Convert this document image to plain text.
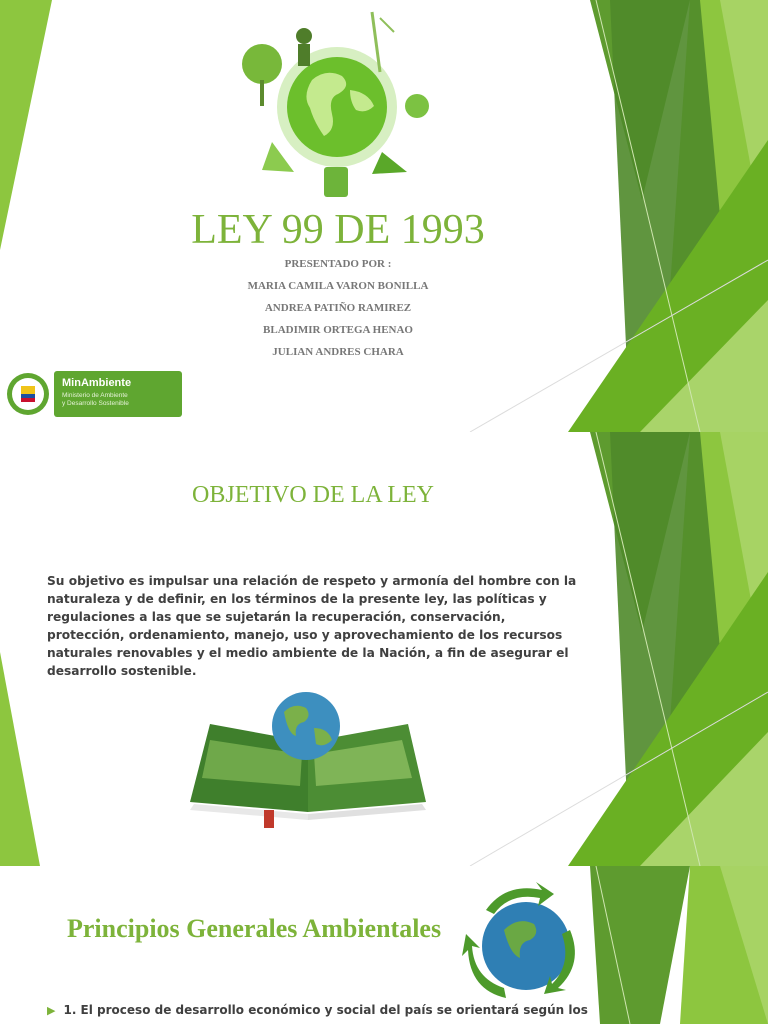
LEY 99 DE 1993
PRESENTADO POR :
MARIA CAMILA VARON BONILLA
ANDREA PATIÑO RAMIREZ
BLADIMIR ORTEGA HENAO
JULIAN ANDRES CHARA
MinAmbiente
Ministerio de Ambiente
y Desarrollo Sostenible
OBJETIVO DE LA LEY
Su objetivo es impulsar una relación de respeto y armonía del hombre con la naturaleza y de definir, en los términos de la presente ley, las políticas y regulaciones a las que se sujetarán la recuperación, conservación, protección, ordenamiento, manejo, uso y aprovechamiento de los recursos naturales renovables y el medio ambiente de la Nación, a fin de asegurar el desarrollo sostenible.
Principios Generales Ambientales
▶ 1. El proceso de desarrollo económico y social del país se orientará según los
